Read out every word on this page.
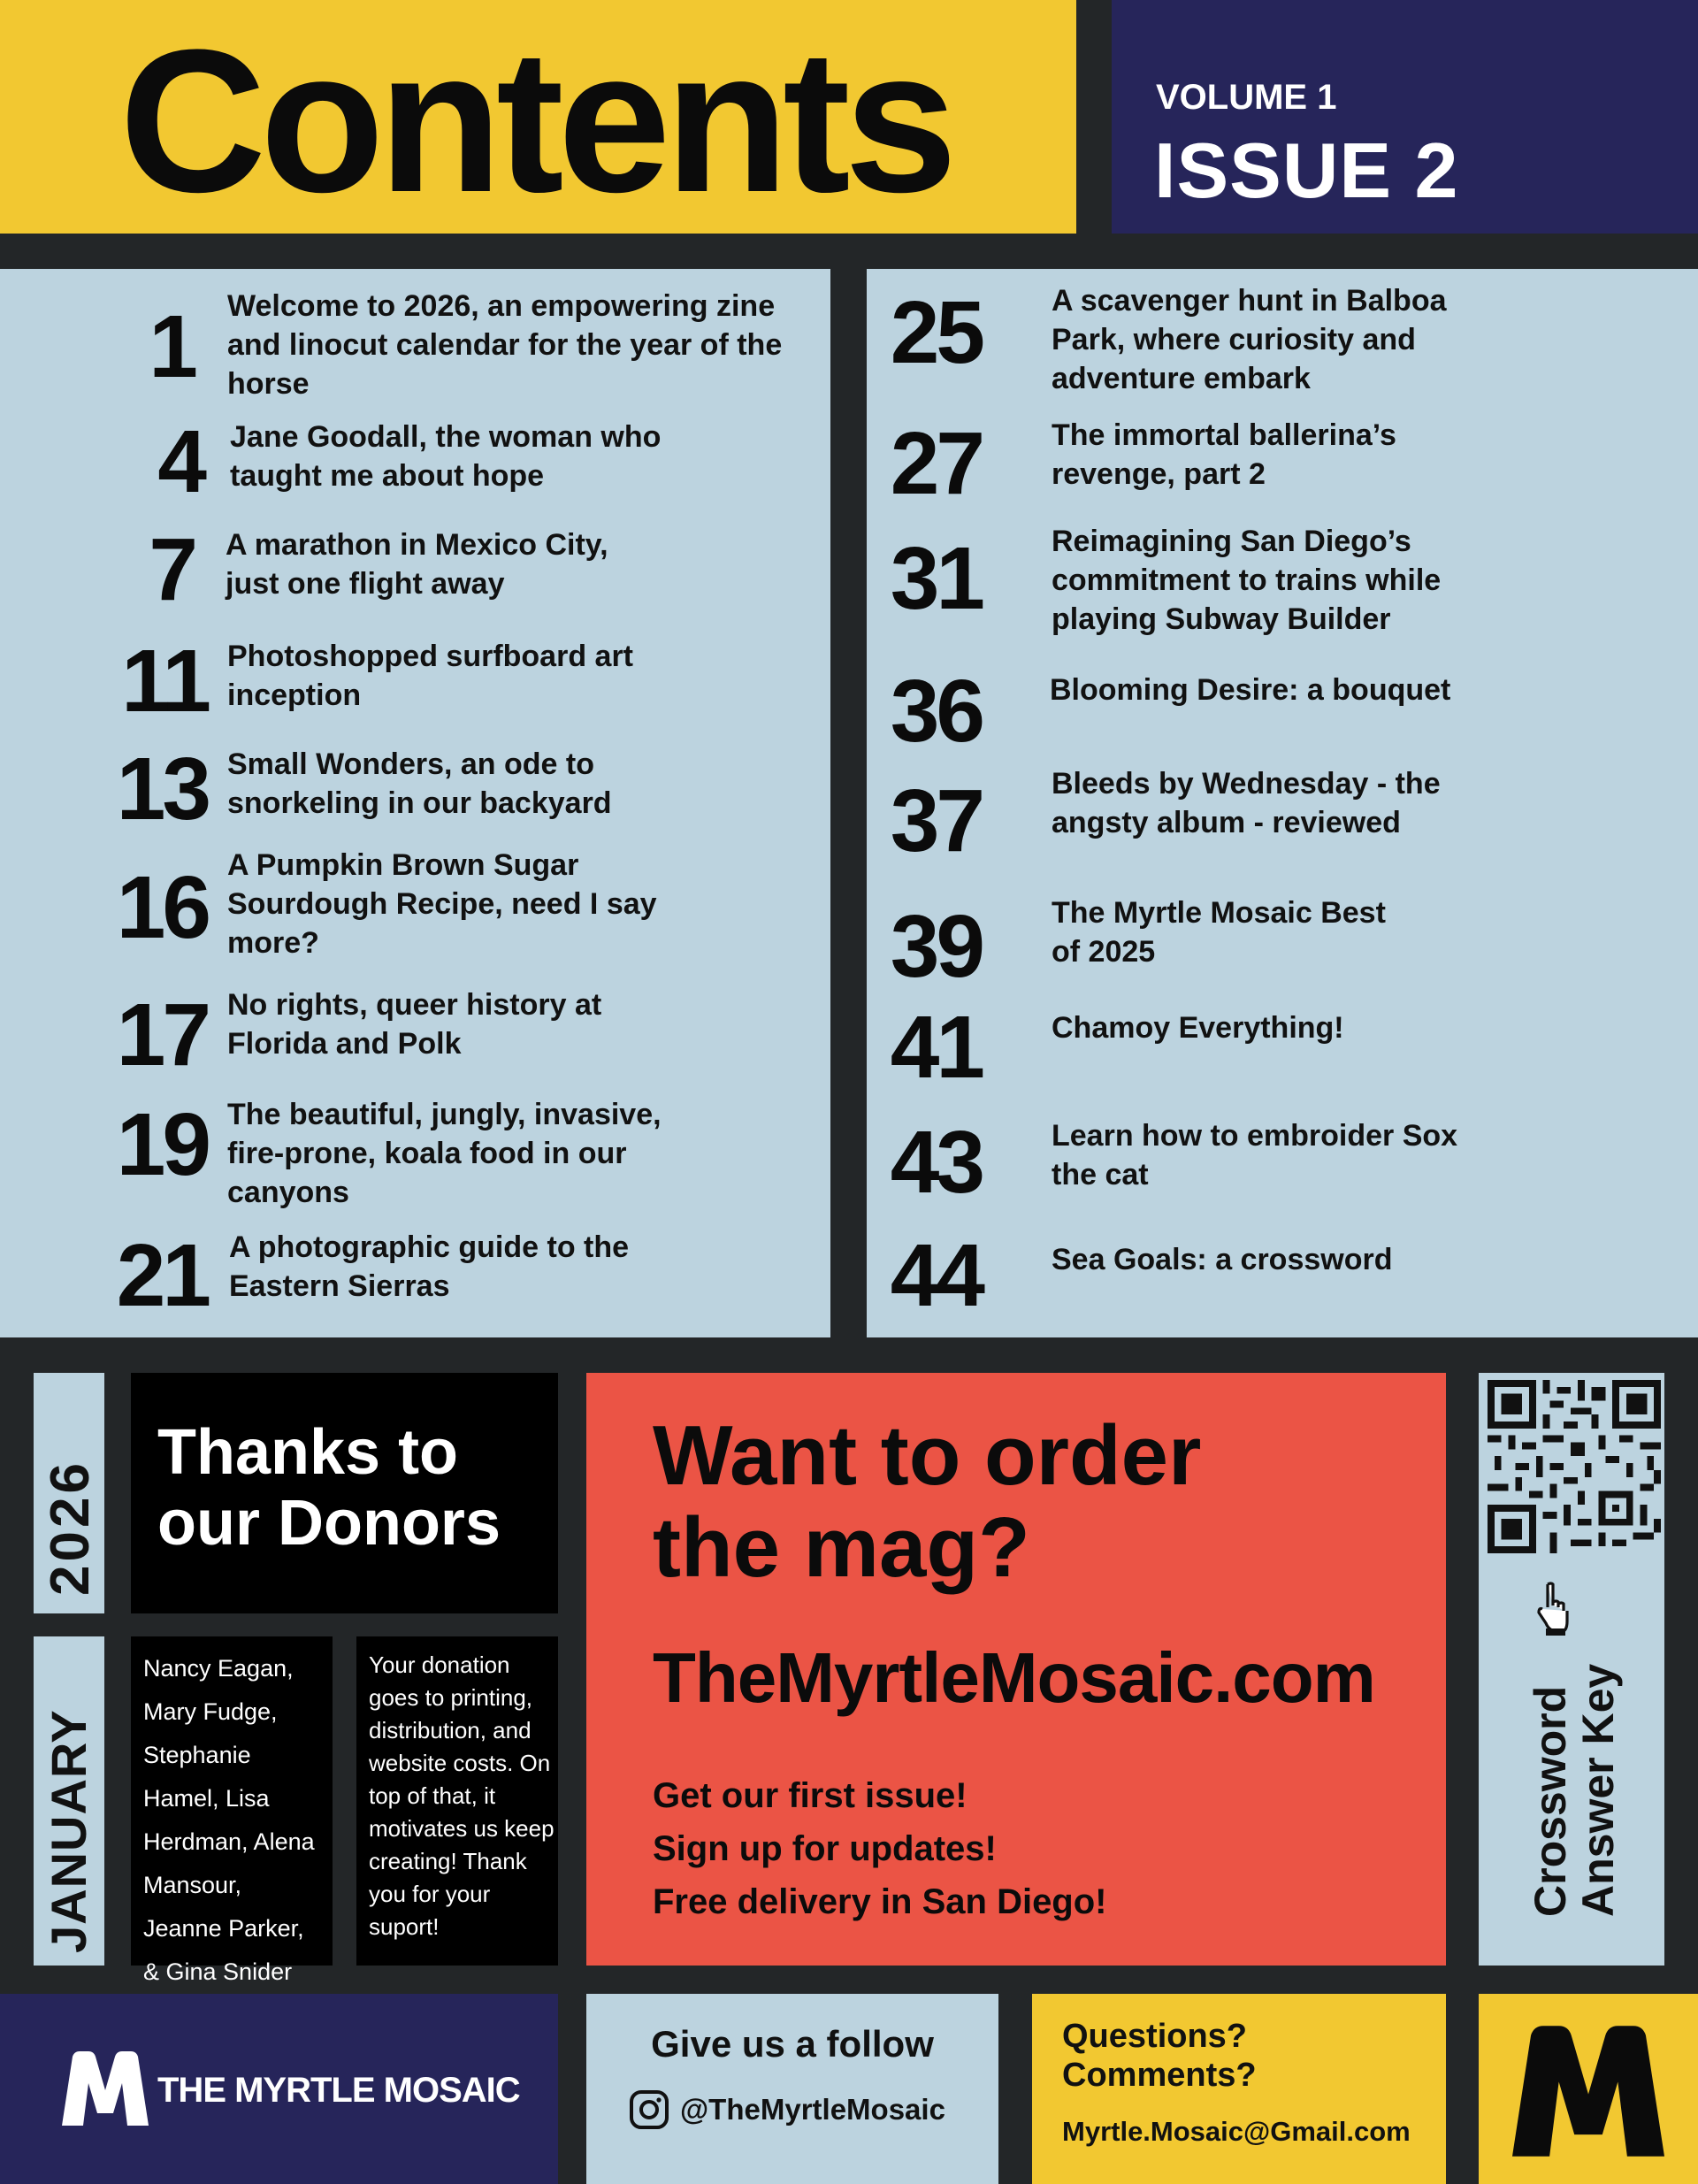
Contents	VOLUME 1
ISSUE 2
1 Welcome to 2026, an empowering zine and linocut calendar for the year of the horse
4 Jane Goodall, the woman who taught me about hope
7 A marathon in Mexico City, just one flight away
11 Photoshopped surfboard art inception
13 Small Wonders, an ode to snorkeling in our backyard
16 A Pumpkin Brown Sugar Sourdough Recipe, need I say more?
17 No rights, queer history at Florida and Polk
19 The beautiful, jungly, invasive, fire-prone, koala food in our canyons
21 A photographic guide to the Eastern Sierras
25 A scavenger hunt in Balboa Park, where curiosity and adventure embark
27 The immortal ballerina’s revenge, part 2
31 Reimagining San Diego’s commitment to trains while playing Subway Builder
36 Blooming Desire: a bouquet
37 Bleeds by Wednesday - the angsty album - reviewed
39 The Myrtle Mosaic Best of 2025
41 Chamoy Everything!
43 Learn how to embroider Sox the cat
44 Sea Goals: a crossword
2026
JANUARY
Thanks to our Donors
Nancy Eagan, Mary Fudge, Stephanie Hamel, Lisa Herdman, Alena Mansour, Jeanne Parker, & Gina Snider
Your donation goes to printing, distribution, and website costs. On top of that, it motivates us keep creating! Thank you for your suport!
Want to order the mag?
TheMyrtleMosaic.com
Get our first issue!
Sign up for updates!
Free delivery in San Diego!	Crossword Answer Key
THE MYRTLE MOSAIC
Give us a follow
@TheMyrtleMosaic
Questions? Comments?
Myrtle.Mosaic@Gmail.com
